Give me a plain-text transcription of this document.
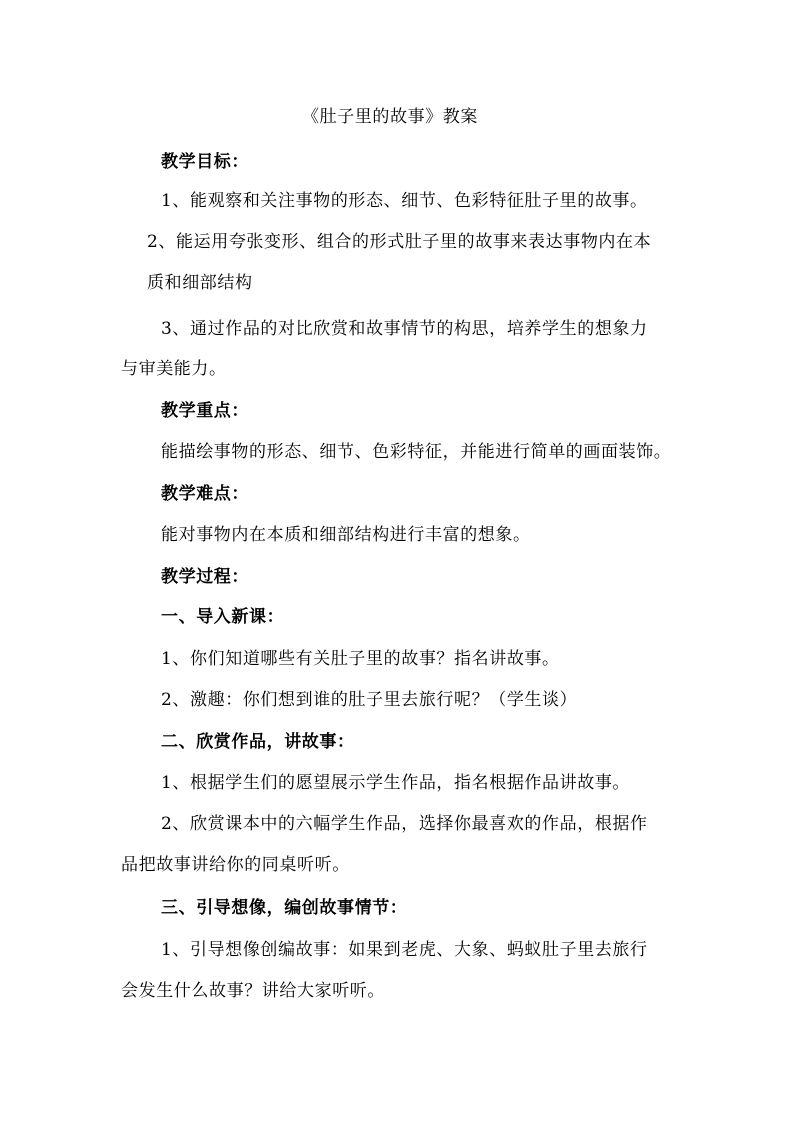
《肚子里的故事》教案
教学目标：
1、能观察和关注事物的形态、细节、色彩特征肚子里的故事。
2、能运用夸张变形、组合的形式肚子里的故事来表达事物内在本
质和细部结构
3、通过作品的对比欣赏和故事情节的构思，培养学生的想象力
与审美能力。
教学重点：
能描绘事物的形态、细节、色彩特征，并能进行简单的画面装饰。
教学难点：
能对事物内在本质和细部结构进行丰富的想象。
教学过程：
一、导入新课：
1、你们知道哪些有关肚子里的故事？指名讲故事。
2、激趣：你们想到谁的肚子里去旅行呢？（学生谈）
二、欣赏作品，讲故事：
1、根据学生们的愿望展示学生作品，指名根据作品讲故事。
2、欣赏课本中的六幅学生作品，选择你最喜欢的作品，根据作
品把故事讲给你的同桌听听。
三、引导想像，编创故事情节：
1、引导想像创编故事：如果到老虎、大象、蚂蚁肚子里去旅行
会发生什么故事？讲给大家听听。
